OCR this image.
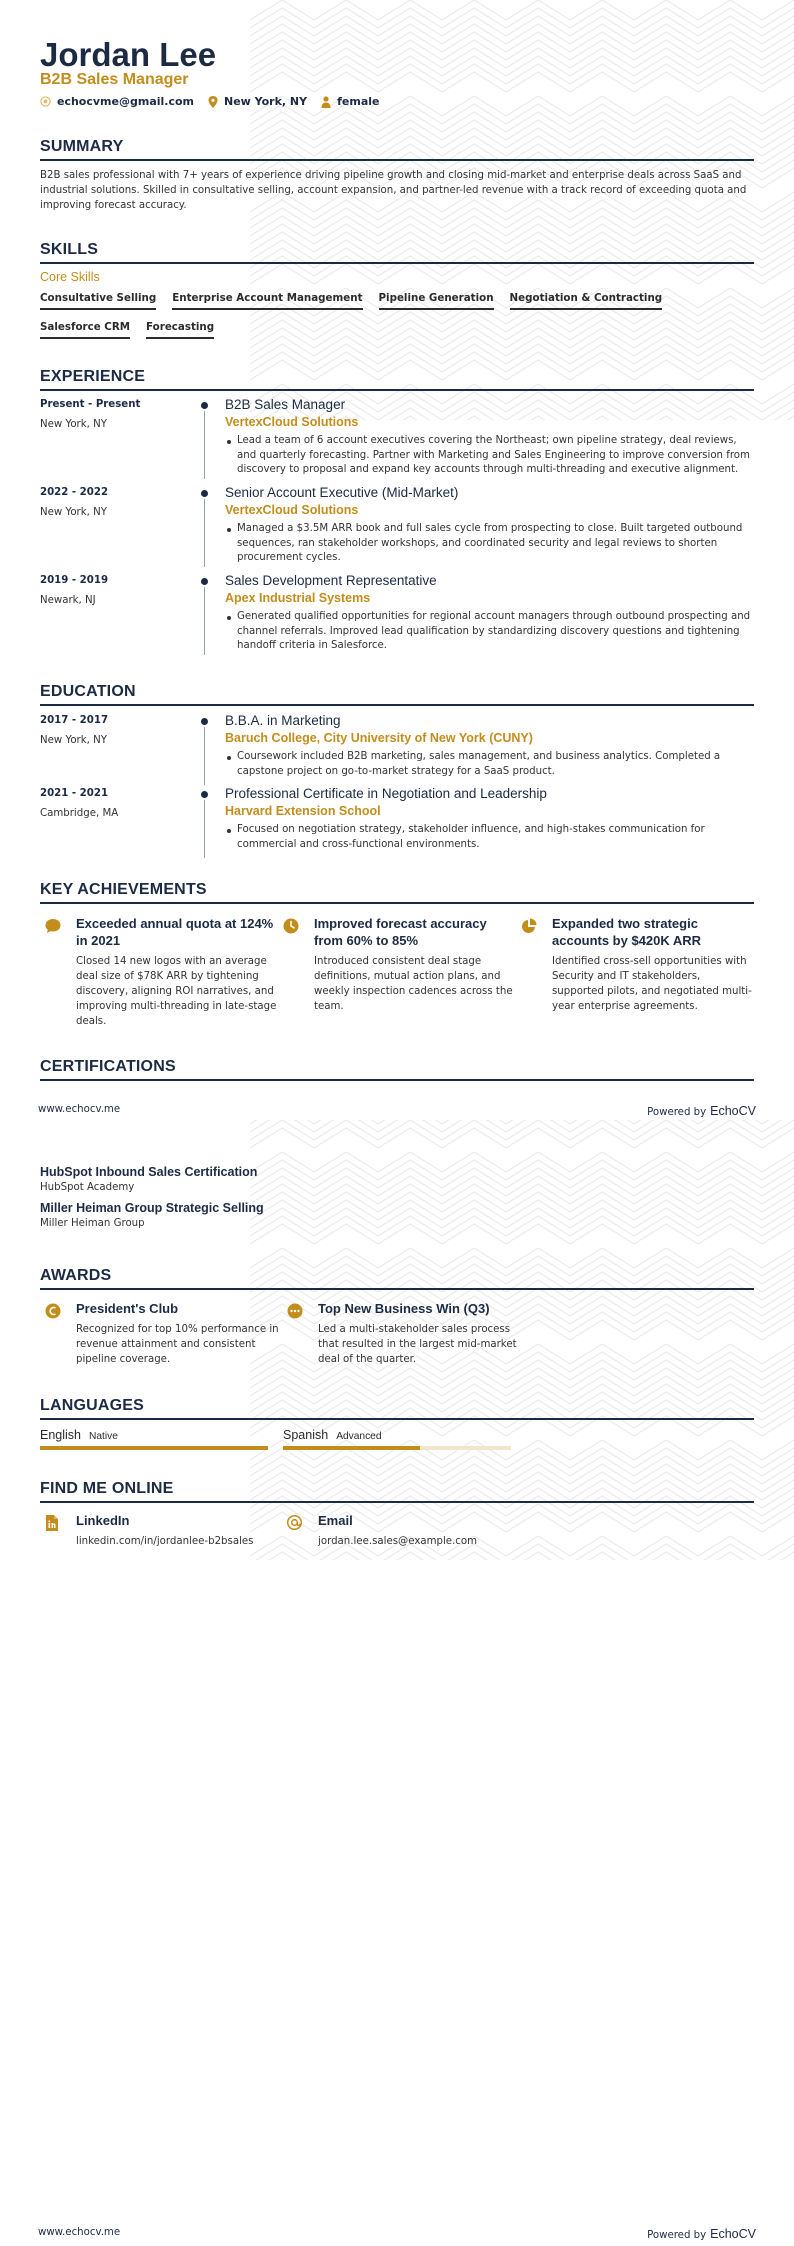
Jordan Lee
B2B Sales Manager
echocvme@gmail.com	New York, NY	female
SUMMARY
B2B sales professional with 7+ years of experience driving pipeline growth and closing mid-market and enterprise deals across SaaS and industrial solutions. Skilled in consultative selling, account expansion, and partner-led revenue with a track record of exceeding quota and improving forecast accuracy.
SKILLS
Core Skills
Consultative Selling Enterprise Account Management Pipeline Generation Negotiation & Contracting
Salesforce CRM Forecasting
EXPERIENCE
Present - Present
New York, NY
B2B Sales Manager
VertexCloud Solutions
Lead a team of 6 account executives covering the Northeast; own pipeline strategy, deal reviews, and quarterly forecasting. Partner with Marketing and Sales Engineering to improve conversion from discovery to proposal and expand key accounts through multi-threading and executive alignment.
2022 - 2022
New York, NY
Senior Account Executive (Mid-Market)
VertexCloud Solutions
Managed a $3.5M ARR book and full sales cycle from prospecting to close. Built targeted outbound sequences, ran stakeholder workshops, and coordinated security and legal reviews to shorten procurement cycles.
2019 - 2019
Newark, NJ
Sales Development Representative
Apex Industrial Systems
Generated qualified opportunities for regional account managers through outbound prospecting and channel referrals. Improved lead qualification by standardizing discovery questions and tightening handoff criteria in Salesforce.
EDUCATION
2017 - 2017
New York, NY
B.B.A. in Marketing
Baruch College, City University of New York (CUNY)
Coursework included B2B marketing, sales management, and business analytics. Completed a capstone project on go-to-market strategy for a SaaS product.
2021 - 2021
Cambridge, MA
Professional Certificate in Negotiation and Leadership
Harvard Extension School
Focused on negotiation strategy, stakeholder influence, and high-stakes communication for commercial and cross-functional environments.
KEY ACHIEVEMENTS
Exceeded annual quota at 124% in 2021
Closed 14 new logos with an average deal size of $78K ARR by tightening discovery, aligning ROI narratives, and improving multi-threading in late-stage deals.
Improved forecast accuracy from 60% to 85%
Introduced consistent deal stage definitions, mutual action plans, and weekly inspection cadences across the team.
Expanded two strategic accounts by $420K ARR
Identified cross-sell opportunities with Security and IT stakeholders, supported pilots, and negotiated multi-year enterprise agreements.
CERTIFICATIONS
HubSpot Inbound Sales Certification
HubSpot Academy
Miller Heiman Group Strategic Selling
Miller Heiman Group
AWARDS
President's Club
Recognized for top 10% performance in revenue attainment and consistent pipeline coverage.
Top New Business Win (Q3)
Led a multi-stakeholder sales process that resulted in the largest mid-market deal of the quarter.
LANGUAGES
English Native	Spanish Advanced
FIND ME ONLINE
LinkedIn
linkedin.com/in/jordanlee-b2bsales
Email
jordan.lee.sales@example.com
www.echocv.me	Powered by EchoCV
www.echocv.me	Powered by EchoCV
